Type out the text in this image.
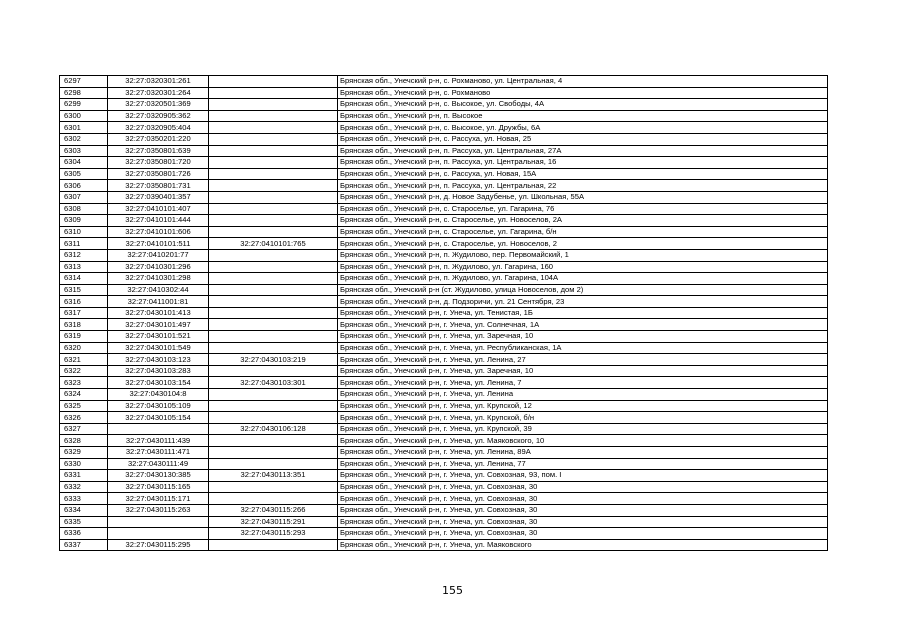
6297	32:27:0320301:261		Брянская обл., Унечский р-н, с. Рохманово, ул. Центральная, 4
6298	32:27:0320301:264		Брянская обл., Унечский р-н, с. Рохманово
6299	32:27:0320501:369		Брянская обл., Унечский р-н, с. Высокое, ул. Свободы, 4А
6300	32:27:0320905:362		Брянская обл., Унечский р-н, п. Высокое
6301	32:27:0320905:404		Брянская обл., Унечский р-н, с. Высокое, ул. Дружбы, 6А
6302	32:27:0350201:220		Брянская обл., Унечский р-н, с. Рассуха, ул. Новая, 25
6303	32:27:0350801:639		Брянская обл., Унечский р-н, п. Рассуха, ул. Центральная, 27А
6304	32:27:0350801:720		Брянская обл., Унечский р-н, п. Рассуха, ул. Центральная, 16
6305	32:27:0350801:726		Брянская обл., Унечский р-н, с. Рассуха, ул. Новая, 15А
6306	32:27:0350801:731		Брянская обл., Унечский р-н, п. Рассуха, ул. Центральная, 22
6307	32:27:0390401:357		Брянская обл., Унечский р-н, д. Новое Задубенье, ул. Школьная, 55А
6308	32:27:0410101:407		Брянская обл., Унечский р-н, с. Старосельe, ул. Гагарина, 76
6309	32:27:0410101:444		Брянская обл., Унечский р-н, с. Старосельe, ул. Новоселов, 2А
6310	32:27:0410101:606		Брянская обл., Унечский р-н, с. Старосельe, ул. Гагарина, б/н
6311	32:27:0410101:511	32:27:0410101:765	Брянская обл., Унечский р-н, с. Старосельe, ул. Новоселов, 2
6312	32:27:0410201:77		Брянская обл., Унечский р-н, п. Жудилово, пер. Первомайский, 1
6313	32:27:0410301:296		Брянская обл., Унечский р-н, п. Жудилово, ул. Гагарина, 160
6314	32:27:0410301:298		Брянская обл., Унечский р-н, п. Жудилово, ул. Гагарина, 104А
6315	32:27:0410302:44		Брянская обл., Унечский р-н (ст. Жудилово, улица Новоселов, дом 2)
6316	32:27:0411001:81		Брянская обл., Унечский р-н, д. Подзоричи, ул. 21 Сентября, 23
6317	32:27:0430101:413		Брянская обл., Унечский р-н, г. Унеча, ул. Тенистая, 1Б
6318	32:27:0430101:497		Брянская обл., Унечский р-н, г. Унеча, ул. Солнечная, 1А
6319	32:27:0430101:521		Брянская обл., Унечский р-н, г. Унеча, ул. Заречная, 10
6320	32:27:0430101:549		Брянская обл., Унечский р-н, г. Унеча, ул. Республиканская, 1А
6321	32:27:0430103:123	32:27:0430103:219	Брянская обл., Унечский р-н, г. Унеча, ул. Ленина, 27
6322	32:27:0430103:283		Брянская обл., Унечский р-н, г. Унеча, ул. Заречная, 10
6323	32:27:0430103:154	32:27:0430103:301	Брянская обл., Унечский р-н, г. Унеча, ул. Ленина, 7
6324	32:27:0430104:8		Брянская обл., Унечский р-н, г. Унеча, ул. Ленина
6325	32:27:0430105:109		Брянская обл., Унечский р-н, г. Унеча, ул. Крупской, 12
6326	32:27:0430105:154		Брянская обл., Унечский р-н, г. Унеча, ул. Крупской, б/н
6327		32:27:0430106:128	Брянская обл., Унечский р-н, г. Унеча, ул. Крупской, 39
6328	32:27:0430111:439		Брянская обл., Унечский р-н, г. Унеча, ул. Маяковского, 10
6329	32:27:0430111:471		Брянская обл., Унечский р-н, г. Унеча, ул. Ленина, 89А
6330	32:27:0430111:49		Брянская обл., Унечский р-н, г. Унеча, ул. Ленина, 77
6331	32:27:0430130:385	32:27:0430113:351	Брянская обл., Унечский р-н, г. Унеча, ул. Совхозная, 93, пом. I
6332	32:27:0430115:165		Брянская обл., Унечский р-н, г. Унеча, ул. Совхозная, 30
6333	32:27:0430115:171		Брянская обл., Унечский р-н, г. Унеча, ул. Совхозная, 30
6334	32:27:0430115:263	32:27:0430115:266	Брянская обл., Унечский р-н, г. Унеча, ул. Совхозная, 30
6335		32:27:0430115:291	Брянская обл., Унечский р-н, г. Унеча, ул. Совхозная, 30
6336		32:27:0430115:293	Брянская обл., Унечский р-н, г. Унеча, ул. Совхозная, 30
6337	32:27:0430115:295		Брянская обл., Унечский р-н, г. Унеча, ул. Маяковского
155
